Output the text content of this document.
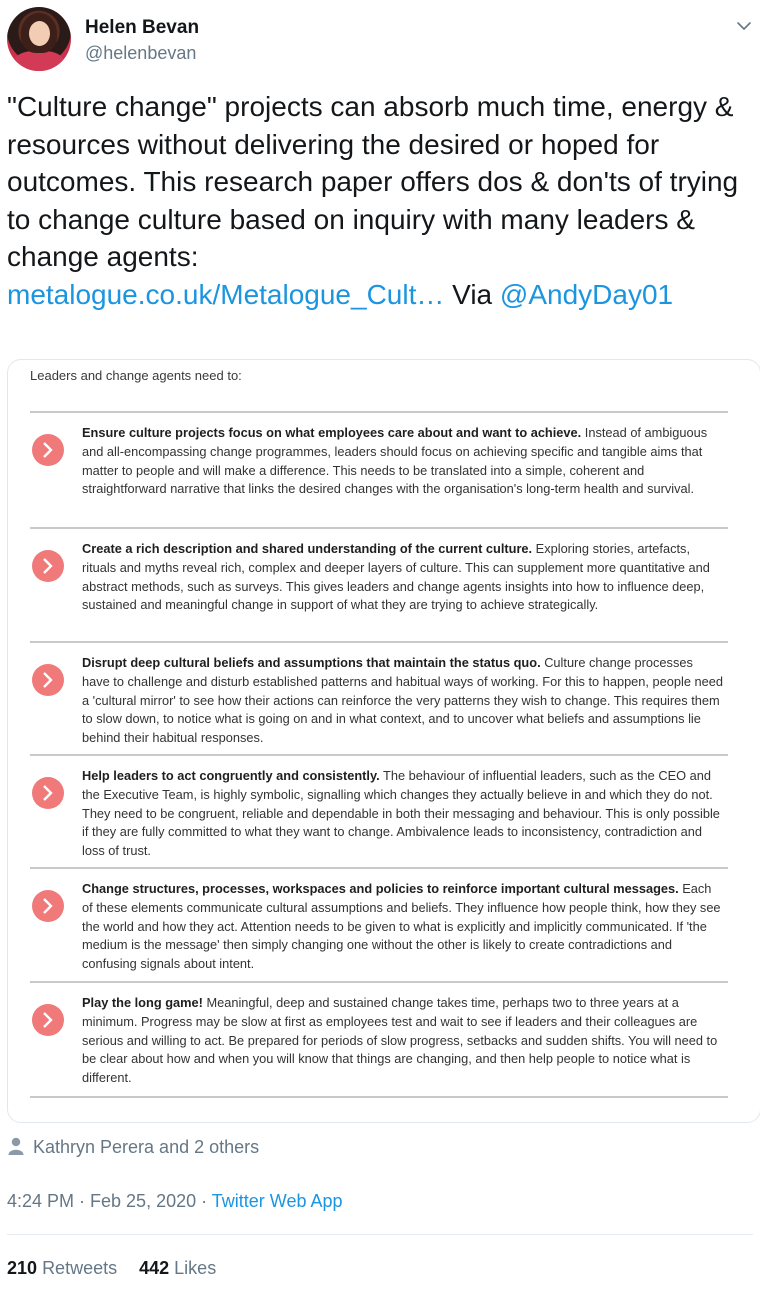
Helen Bevan
@helenbevan

"Culture change" projects can absorb much time, energy & resources without delivering the desired or hoped for outcomes. This research paper offers dos & don'ts of trying to change culture based on inquiry with many leaders & change agents:
metalogue.co.uk/Metalogue_Cult… Via @AndyDay01

Leaders and change agents need to:

Ensure culture projects focus on what employees care about and want to achieve. Instead of ambiguous and all-encompassing change programmes, leaders should focus on achieving specific and tangible aims that matter to people and will make a difference. This needs to be translated into a simple, coherent and straightforward narrative that links the desired changes with the organisation's long-term health and survival.

Create a rich description and shared understanding of the current culture. Exploring stories, artefacts, rituals and myths reveal rich, complex and deeper layers of culture. This can supplement more quantitative and abstract methods, such as surveys. This gives leaders and change agents insights into how to influence deep, sustained and meaningful change in support of what they are trying to achieve strategically.

Disrupt deep cultural beliefs and assumptions that maintain the status quo. Culture change processes have to challenge and disturb established patterns and habitual ways of working. For this to happen, people need a 'cultural mirror' to see how their actions can reinforce the very patterns they wish to change. This requires them to slow down, to notice what is going on and in what context, and to uncover what beliefs and assumptions lie behind their habitual responses.

Help leaders to act congruently and consistently. The behaviour of influential leaders, such as the CEO and the Executive Team, is highly symbolic, signalling which changes they actually believe in and which they do not. They need to be congruent, reliable and dependable in both their messaging and behaviour. This is only possible if they are fully committed to what they want to change. Ambivalence leads to inconsistency, contradiction and loss of trust.

Change structures, processes, workspaces and policies to reinforce important cultural messages. Each of these elements communicate cultural assumptions and beliefs. They influence how people think, how they see the world and how they act. Attention needs to be given to what is explicitly and implicitly communicated. If 'the medium is the message' then simply changing one without the other is likely to create contradictions and confusing signals about intent.

Play the long game! Meaningful, deep and sustained change takes time, perhaps two to three years at a minimum. Progress may be slow at first as employees test and wait to see if leaders and their colleagues are serious and willing to act. Be prepared for periods of slow progress, setbacks and sudden shifts. You will need to be clear about how and when you will know that things are changing, and then help people to notice what is different.

Kathryn Perera and 2 others
4:24 PM · Feb 25, 2020 · Twitter Web App
210 Retweets 442 Likes
